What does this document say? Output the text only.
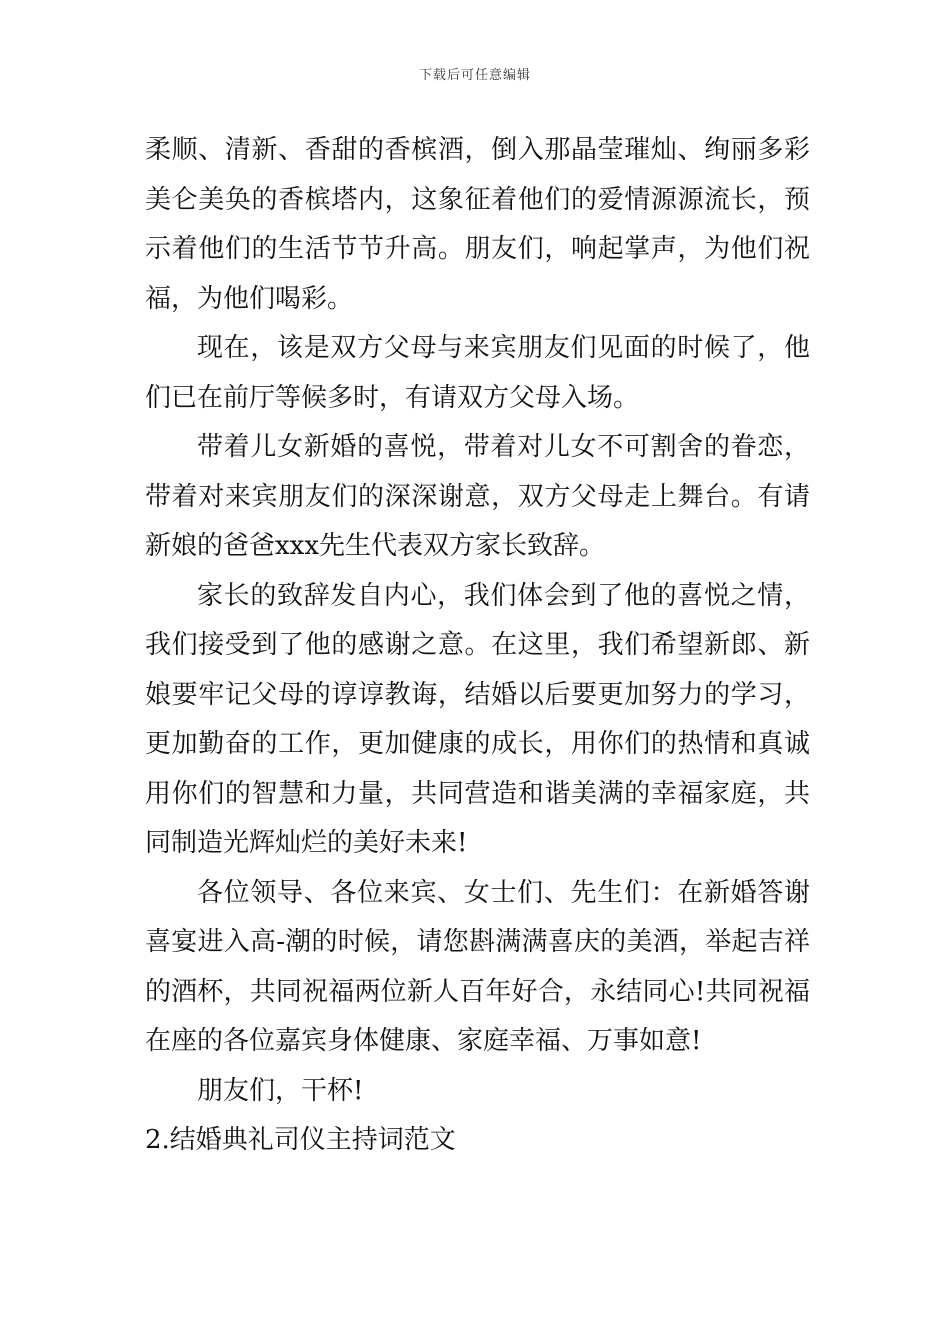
下载后可任意编辑

柔顺、清新、香甜的香槟酒，倒入那晶莹璀灿、绚丽多彩美仑美奂的香槟塔内，这象征着他们的爱情源源流长，预示着他们的生活节节升高。朋友们，响起掌声，为他们祝福，为他们喝彩。

现在，该是双方父母与来宾朋友们见面的时候了，他们已在前厅等候多时，有请双方父母入场。

带着儿女新婚的喜悦，带着对儿女不可割舍的眷恋，带着对来宾朋友们的深深谢意，双方父母走上舞台。有请新娘的爸爸xxx先生代表双方家长致辞。

家长的致辞发自内心，我们体会到了他的喜悦之情，我们接受到了他的感谢之意。在这里，我们希望新郎、新娘要牢记父母的谆谆教诲，结婚以后要更加努力的学习，更加勤奋的工作，更加健康的成长，用你们的热情和真诚用你们的智慧和力量，共同营造和谐美满的幸福家庭，共同制造光辉灿烂的美好未来!

各位领导、各位来宾、女士们、先生们：在新婚答谢喜宴进入高-潮的时候，请您斟满满喜庆的美酒，举起吉祥的酒杯，共同祝福两位新人百年好合，永结同心!共同祝福在座的各位嘉宾身体健康、家庭幸福、万事如意!

朋友们，干杯!

2.结婚典礼司仪主持词范文
